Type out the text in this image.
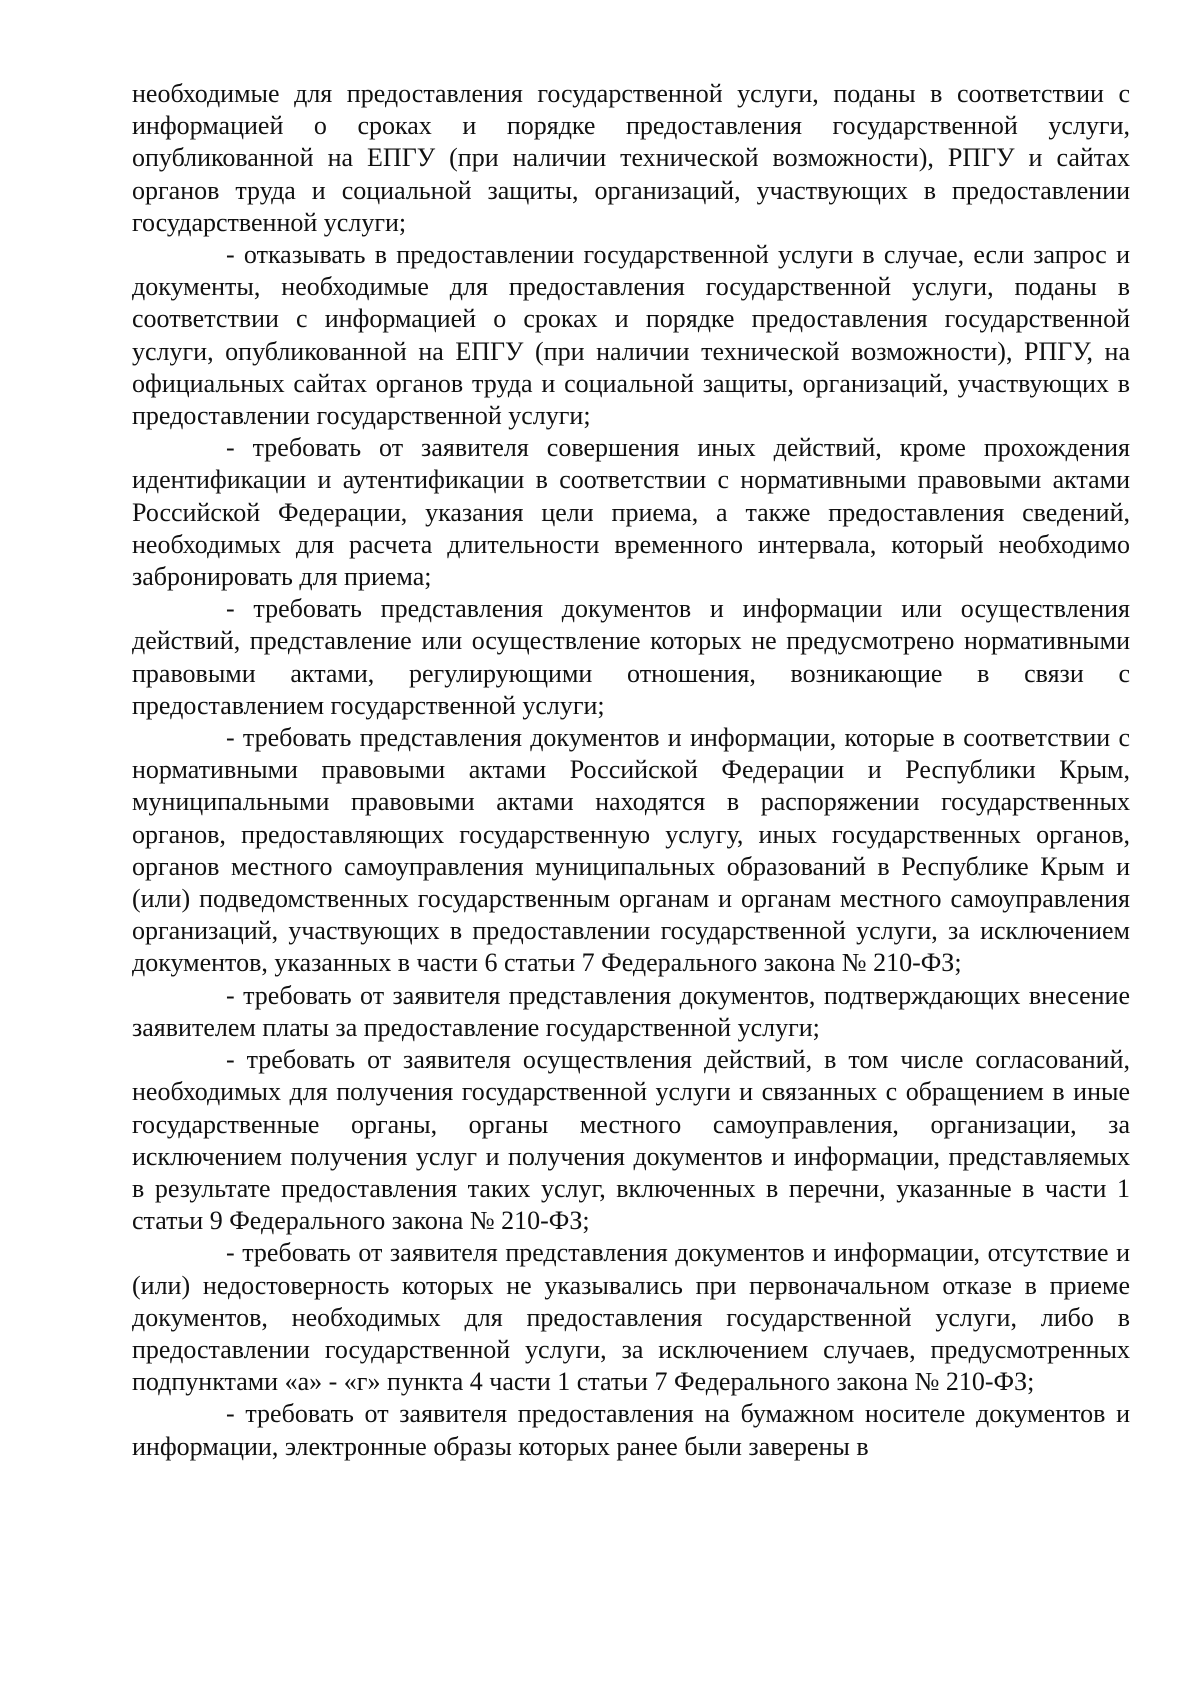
необходимые для предоставления государственной услуги, поданы в соответствии с информацией о сроках и порядке предоставления государственной услуги, опубликованной на ЕПГУ (при наличии технической возможности), РПГУ и сайтах органов труда и социальной защиты, организаций, участвующих в предоставлении государственной услуги;

- отказывать в предоставлении государственной услуги в случае, если запрос и документы, необходимые для предоставления государственной услуги, поданы в соответствии с информацией о сроках и порядке предоставления государственной услуги, опубликованной на ЕПГУ (при наличии технической возможности), РПГУ, на официальных сайтах органов труда и социальной защиты, организаций, участвующих в предоставлении государственной услуги;

- требовать от заявителя совершения иных действий, кроме прохождения идентификации и аутентификации в соответствии с нормативными правовыми актами Российской Федерации, указания цели приема, а также предоставления сведений, необходимых для расчета длительности временного интервала, который необходимо забронировать для приема;

- требовать представления документов и информации или осуществления действий, представление или осуществление которых не предусмотрено нормативными правовыми актами, регулирующими отношения, возникающие в связи с предоставлением государственной услуги;

- требовать представления документов и информации, которые в соответствии с нормативными правовыми актами Российской Федерации и Республики Крым, муниципальными правовыми актами находятся в распоряжении государственных органов, предоставляющих государственную услугу, иных государственных органов, органов местного самоуправления муниципальных образований в Республике Крым и (или) подведомственных государственным органам и органам местного самоуправления организаций, участвующих в предоставлении государственной услуги, за исключением документов, указанных в части 6 статьи 7 Федерального закона № 210-ФЗ;

- требовать от заявителя представления документов, подтверждающих внесение заявителем платы за предоставление государственной услуги;

- требовать от заявителя осуществления действий, в том числе согласований, необходимых для получения государственной услуги и связанных с обращением в иные государственные органы, органы местного самоуправления, организации, за исключением получения услуг и получения документов и информации, представляемых в результате предоставления таких услуг, включенных в перечни, указанные в части 1 статьи 9 Федерального закона № 210-ФЗ;

- требовать от заявителя представления документов и информации, отсутствие и (или) недостоверность которых не указывались при первоначальном отказе в приеме документов, необходимых для предоставления государственной услуги, либо в предоставлении государственной услуги, за исключением случаев, предусмотренных подпунктами «а» - «г» пункта 4 части 1 статьи 7 Федерального закона № 210-ФЗ;

- требовать от заявителя предоставления на бумажном носителе документов и информации, электронные образы которых ранее были заверены в
